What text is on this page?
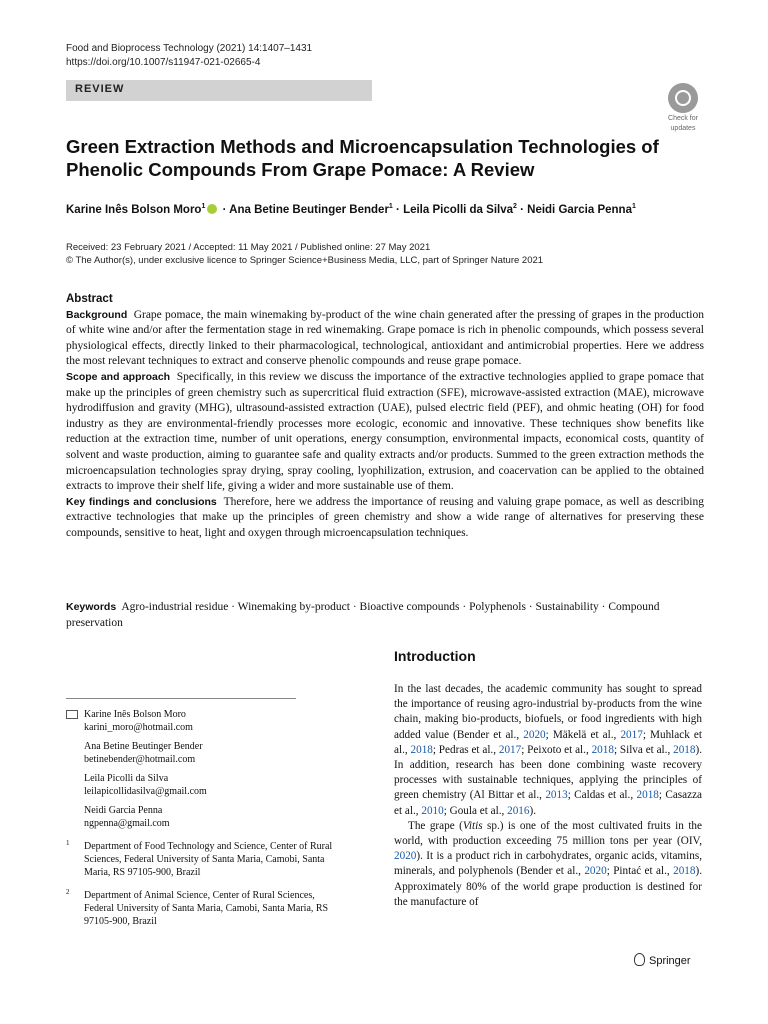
Food and Bioprocess Technology (2021) 14:1407–1431
https://doi.org/10.1007/s11947-021-02665-4
REVIEW
Check for
updates
Green Extraction Methods and Microencapsulation Technologies of Phenolic Compounds From Grape Pomace: A Review
Karine Inês Bolson Moro$^1$ · Ana Betine Beutinger Bender$^1$ · Leila Picolli da Silva$^2$ · Neidi Garcia Penna$^1$
Received: 23 February 2021 / Accepted: 11 May 2021 / Published online: 27 May 2021
© The Author(s), under exclusive licence to Springer Science+Business Media, LLC, part of Springer Nature 2021
Abstract

Background Grape pomace, the main winemaking by-product of the wine chain generated after the pressing of grapes in the production of white wine and/or after the fermentation stage in red winemaking. Grape pomace is rich in phenolic compounds, which possess several physiological effects, directly linked to their pharmacological, technological, antioxidant and antimicrobial properties. Here we address the most relevant techniques to extract and conserve phenolic compounds and reuse grape pomace.

Scope and approach Specifically, in this review we discuss the importance of the extractive technologies applied to grape pomace that make up the principles of green chemistry such as supercritical fluid extraction (SFE), microwave-assisted extraction (MAE), microwave hydrodiffusion and gravity (MHG), ultrasound-assisted extraction (UAE), pulsed electric field (PEF), and ohmic heating (OH) for food industry as they are environmental-friendly processes more ecologic, economic and innovative. These techniques show benefits like reduction at the extraction time, number of unit operations, energy consumption, environmental impacts, economical costs, quantity of solvent and waste production, aiming to guarantee safe and quality extracts and/or products. Summed to the green extraction methods the microencapsulation technologies spray drying, spray cooling, lyophilization, extrusion, and coacervation can be applied to the obtained extracts to improve their shelf life, giving a wider and more sustainable use of them.

Key findings and conclusions Therefore, here we address the importance of reusing and valuing grape pomace, as well as describing extractive technologies that make up the principles of green chemistry and show a wide range of alternatives for preserving these compounds, sensitive to heat, light and oxygen through microencapsulation techniques.

Keywords Agro-industrial residue · Winemaking by-product · Bioactive compounds · Polyphenols · Sustainability · Compound preservation
Introduction

In the last decades, the academic community has sought to spread the importance of reusing agro-industrial by-products from the wine chain, making bio-products, biofuels, or food ingredients with high added value (Bender et al., 2020; Mäkelä et al., 2017; Muhlack et al., 2018; Pedras et al., 2017; Peixoto et al., 2018; Silva et al., 2018). In addition, research has been done combining waste recovery processes with sustainable techniques, applying the principles of green chemistry (Al Bittar et al., 2013; Caldas et al., 2018; Casazza et al., 2010; Goula et al., 2016).

The grape (Vitis sp.) is one of the most cultivated fruits in the world, with production exceeding 75 million tons per year (OIV, 2020). It is a product rich in carbohydrates, organic acids, vitamins, minerals, and polyphenols (Bender et al., 2020; Pintać et al., 2018). Approximately 80% of the world grape production is destined for the manufacture of

Karine Inês Bolson Moro
karini_moro@hotmail.com
Ana Betine Beutinger Bender
betinebender@hotmail.com
Leila Picolli da Silva
leilapicollidasilva@gmail.com
Neidi Garcia Penna
ngpenna@gmail.com
1 Department of Food Technology and Science, Center of Rural Sciences, Federal University of Santa Maria, Camobi, Santa Maria, RS 97105-900, Brazil
2 Department of Animal Science, Center of Rural Sciences, Federal University of Santa Maria, Camobi, Santa Maria, RS 97105-900, Brazil
Springer
